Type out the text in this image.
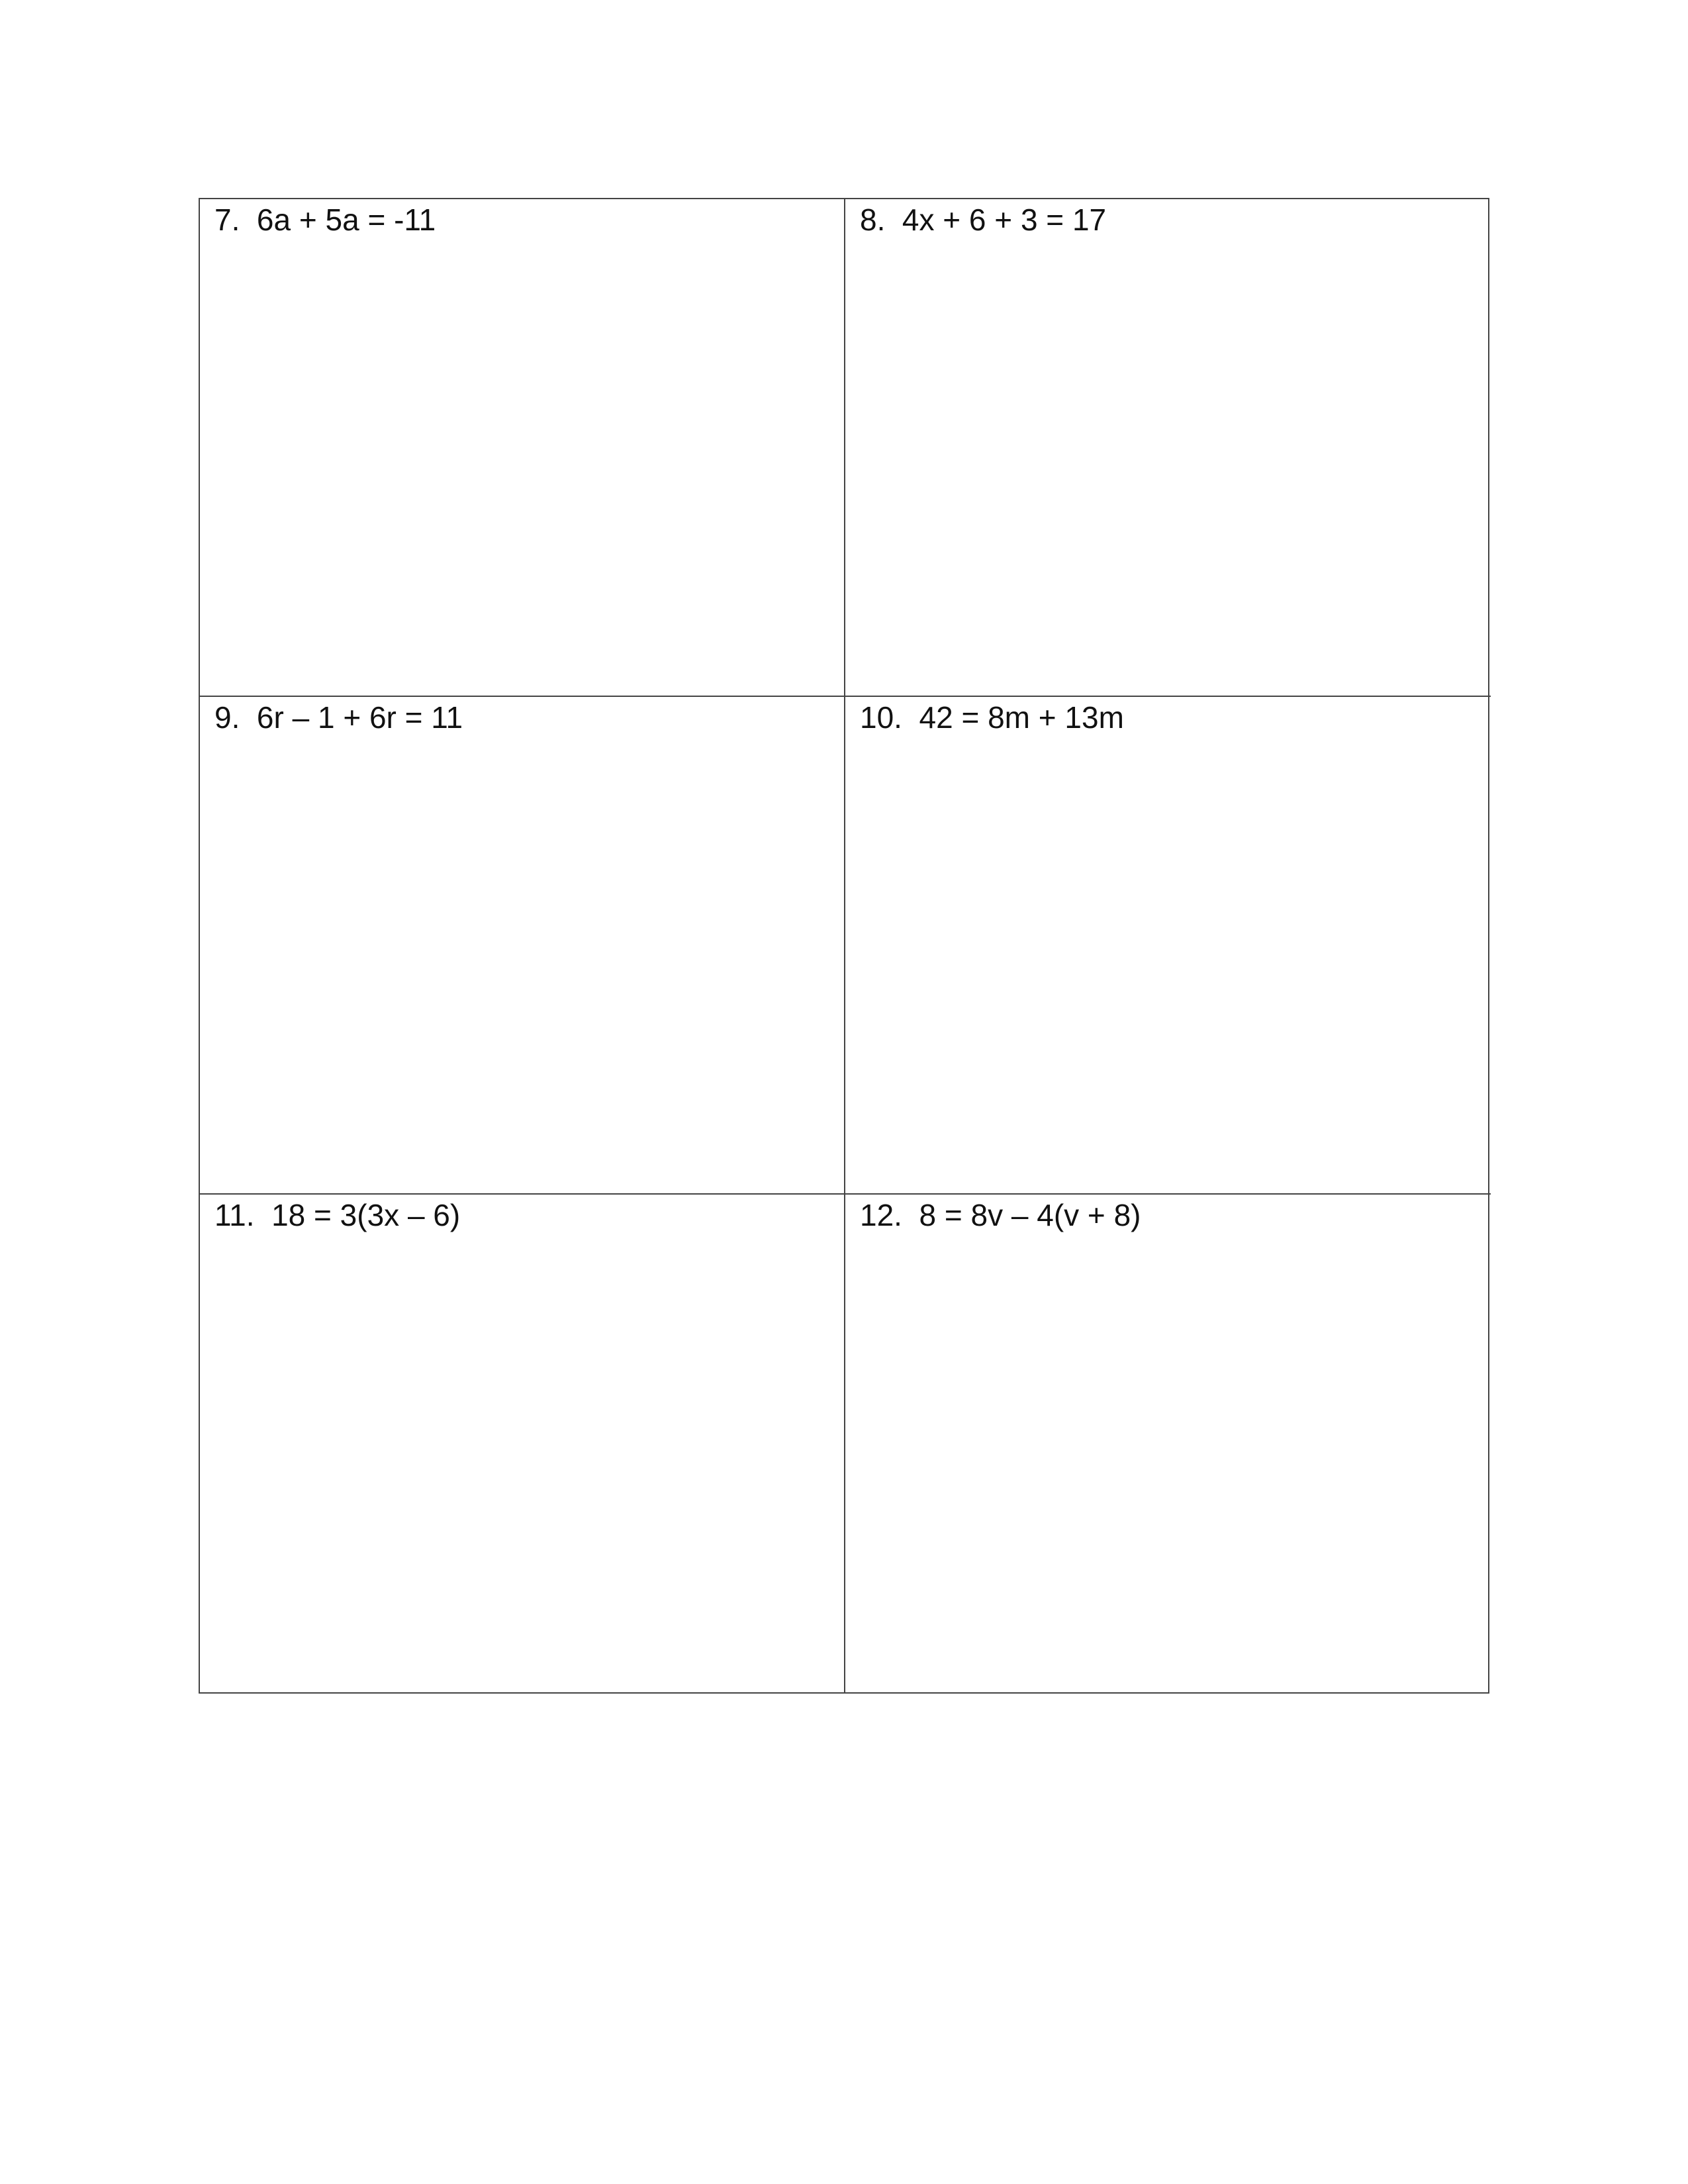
7.  6a + 5a = -11	8.  4x + 6 + 3 = 17
9.  6r – 1 + 6r = 11	10.  42 = 8m + 13m
11.  18 = 3(3x – 6)	12.  8 = 8v – 4(v + 8)
